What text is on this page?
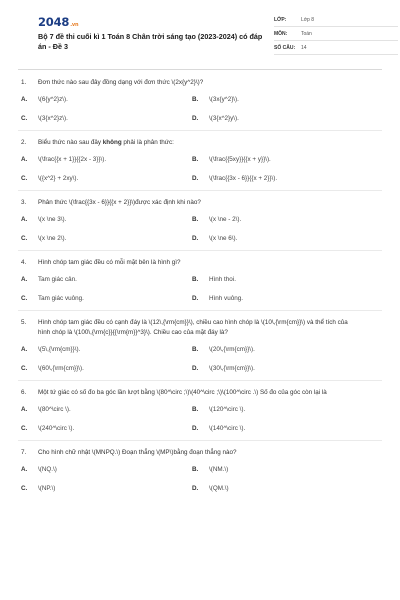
2048.vn
Bộ 7 đề thi cuối kì 1 Toán 8 Chân trời sáng tạo (2023-2024) có đáp án - Đề 3
LỚP:	Lớp 8
MÔN:	Toán
SỐ CÂU:	14
1.	Đơn thức nào sau đây đồng dạng với đơn thức \(2x{y^2}\)?
A.	\(6{y^2}z\).	B.	\(3x{y^2}\).
C.	\(3{x^2}z\).	D.	\(3{x^2}y\).
2.	Biểu thức nào sau đây không phải là phân thức:
A.	\(\frac{{x + 1}}{{2x - 3}}\).	B.	\(\frac{{5xy}}{{x + y}}\).
C.	\({x^2} + 2xy\).	D.	\(\frac{{3x - 6}}{{x + 2}}\).
3.	Phân thức \(\frac{{3x - 6}}{{x + 2}}\)được xác định khi nào?
A.	\(x \ne 3\).	B.	\(x \ne - 2\).
C.	\(x \ne 2\).	D.	\(x \ne 6\).
4.	Hình chóp tam giác đều có mỗi mặt bên là hình gì?
A.	Tam giác cân.	B.	Hình thoi.
C.	Tam giác vuông.	D.	Hình vuông.
5.	Hình chóp tam giác đều có cạnh đáy là \(12\,{\rm{cm}}\), chiều cao hình chóp là \(10\,{\rm{cm}}\) và thể tích của hình chóp là \(100\,{\rm{c}}{{\rm{m}}^3}\). Chiều cao của mặt đáy là?
A.	\(5\,{\rm{cm}}\).	B.	\(20\,{\rm{cm}}\).
C.	\(60\,{\rm{cm}}\).	D.	\(30\,{\rm{cm}}\).
6.	Một tứ giác có số đo ba góc lần lượt bằng \(80^\circ ;\)\(40^\circ ;\)\(100^\circ .\) Số đo của góc còn lại là
A.	\(80^\circ \).	B.	\(120^\circ \).
C.	\(240^\circ \).	D.	\(140^\circ \).
7.	Cho hình chữ nhật \(MNPQ.\) Đoạn thẳng \(MP\)bằng đoạn thẳng nào?
A.	\(NQ.\)	B.	\(NM.\)
C.	\(NP.\)	D.	\(QM.\)
